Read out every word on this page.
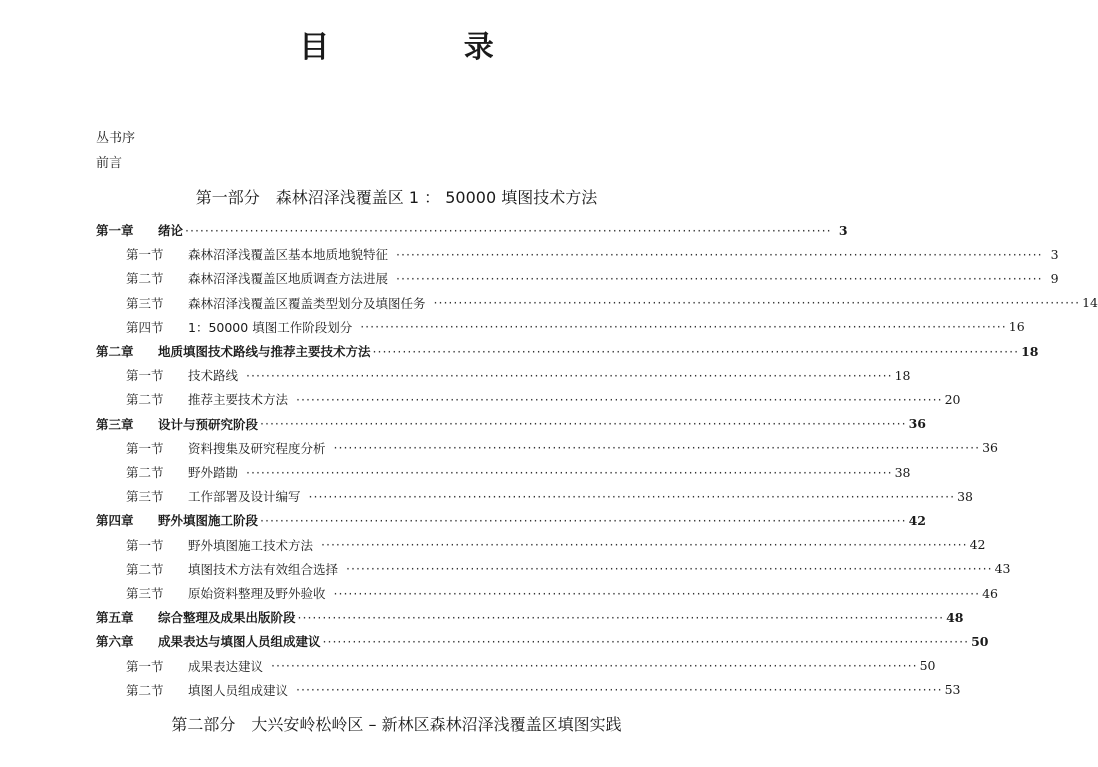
目 录
丛书序
前言
第一部分　森林沼泽浅覆盖区 1 ： 50000 填图技术方法
第一章	绪论 ·································································································································· 3
第一节	森林沼泽浅覆盖区基本地质地貌特征 ·································································································································· 3
第二节	森林沼泽浅覆盖区地质调查方法进展 ·································································································································· 9
第三节	森林沼泽浅覆盖区覆盖类型划分及填图任务 ·································································································································· 14
第四节	1：50000 填图工作阶段划分 ·································································································································· 16
第二章	地质填图技术路线与推荐主要技术方法 ·································································································································· 18
第一节	技术路线 ·································································································································· 18
第二节	推荐主要技术方法 ·································································································································· 20
第三章	设计与预研究阶段 ·································································································································· 36
第一节	资料搜集及研究程度分析 ·································································································································· 36
第二节	野外踏勘 ·································································································································· 38
第三节	工作部署及设计编写 ·································································································································· 38
第四章	野外填图施工阶段 ·································································································································· 42
第一节	野外填图施工技术方法 ·································································································································· 42
第二节	填图技术方法有效组合选择 ·································································································································· 43
第三节	原始资料整理及野外验收 ·································································································································· 46
第五章	综合整理及成果出版阶段 ·································································································································· 48
第六章	成果表达与填图人员组成建议 ·································································································································· 50
第一节	成果表达建议 ·································································································································· 50
第二节	填图人员组成建议 ·································································································································· 53
第二部分　大兴安岭松岭区 – 新林区森林沼泽浅覆盖区填图实践
